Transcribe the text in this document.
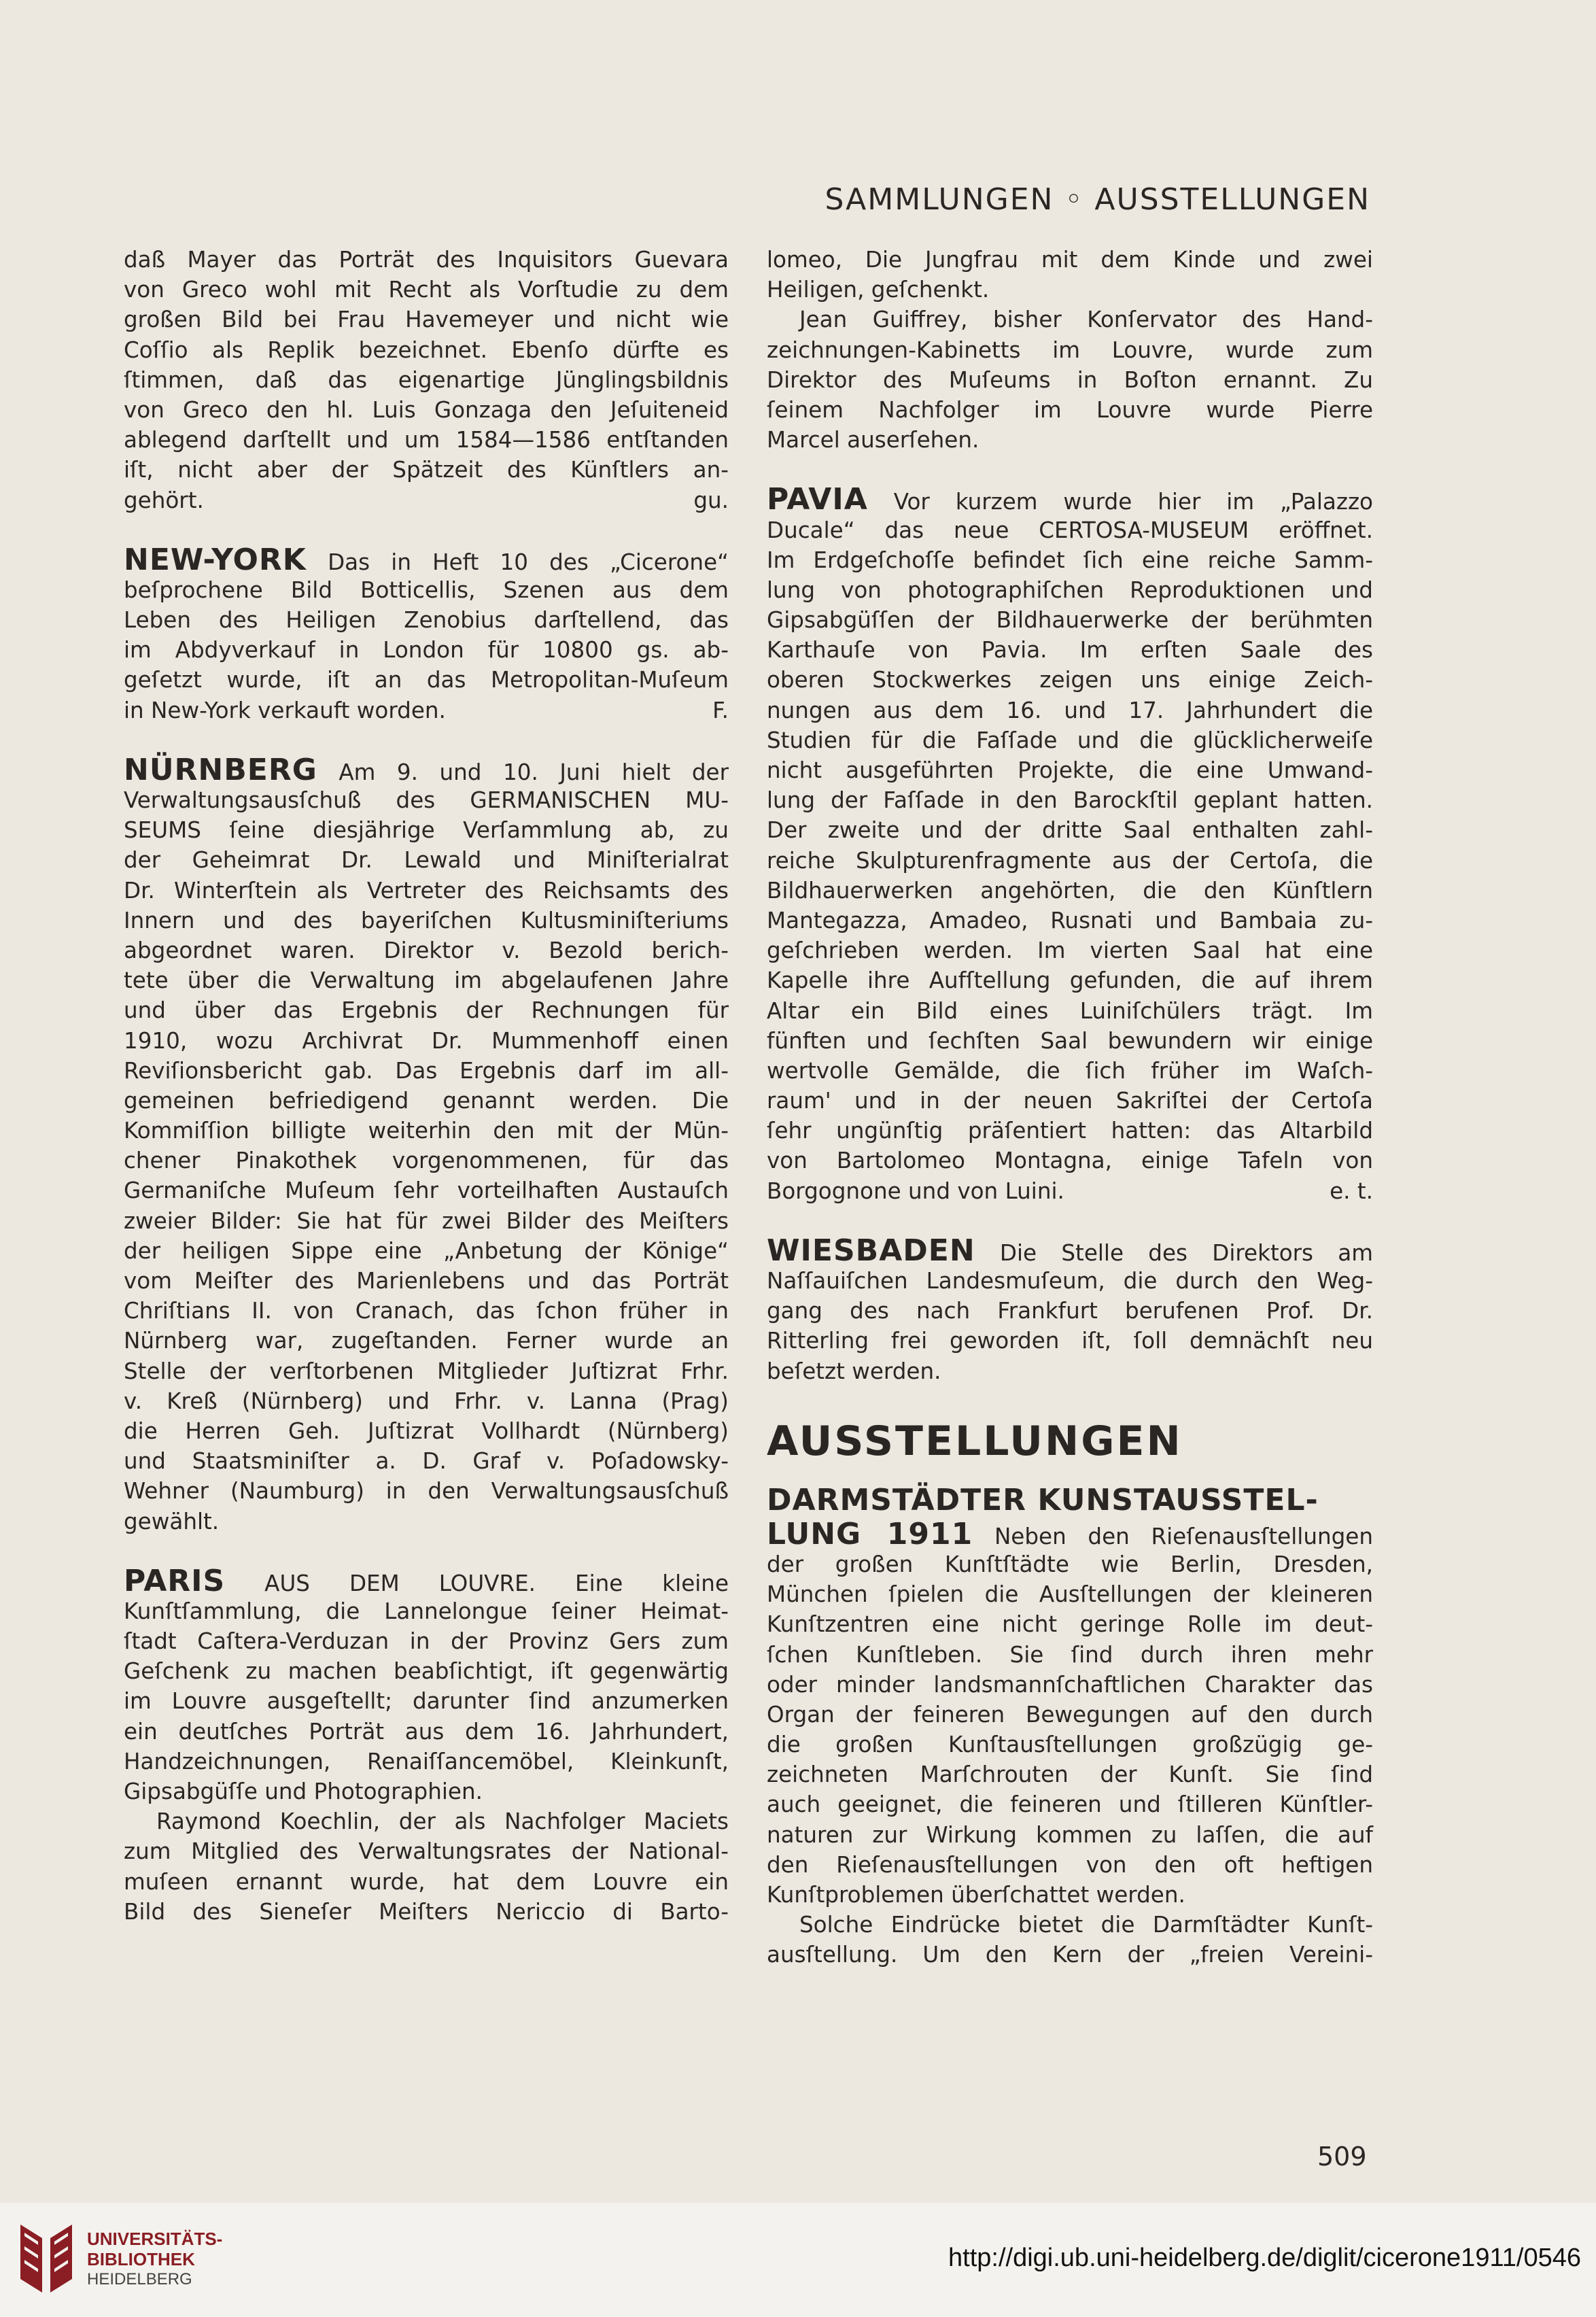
SAMMLUNGEN ◦ AUSSTELLUNGEN
daß Mayer das Porträt des Inquisitors Guevara
von Greco wohl mit Recht als Vorſtudie zu dem
großen Bild bei Frau Havemeyer und nicht wie
Coſſio als Replik bezeichnet. Ebenſo dürfte es
ſtimmen, daß das eigenartige Jünglingsbildnis
von Greco den hl. Luis Gonzaga den Jeſuiteneid
ablegend darſtellt und um 1584—1586 entſtanden
iſt, nicht aber der Spätzeit des Künſtlers an-
gehört.	gu.
NEW-YORK Das in Heft 10 des „Cicerone“
beſprochene Bild Botticellis, Szenen aus dem
Leben des Heiligen Zenobius darſtellend, das
im Abdyverkauf in London für 10800 gs. ab-
geſetzt wurde, iſt an das Metropolitan-Muſeum
in New-York verkauft worden.	F.
NÜRNBERG Am 9. und 10. Juni hielt der
Verwaltungsausſchuß des GERMANISCHEN MU-
SEUMS ſeine diesjährige Verſammlung ab, zu
der Geheimrat Dr. Lewald und Miniſterialrat
Dr. Winterſtein als Vertreter des Reichsamts des
Innern und des bayeriſchen Kultusminiſteriums
abgeordnet waren. Direktor v. Bezold berich-
tete über die Verwaltung im abgelaufenen Jahre
und über das Ergebnis der Rechnungen für
1910, wozu Archivrat Dr. Mummenhoff einen
Reviſionsbericht gab. Das Ergebnis darf im all-
gemeinen befriedigend genannt werden. Die
Kommiſſion billigte weiterhin den mit der Mün-
chener Pinakothek vorgenommenen, für das
Germaniſche Muſeum ſehr vorteilhaften Austauſch
zweier Bilder: Sie hat für zwei Bilder des Meiſters
der heiligen Sippe eine „Anbetung der Könige“
vom Meiſter des Marienlebens und das Porträt
Chriſtians II. von Cranach, das ſchon früher in
Nürnberg war, zugeſtanden. Ferner wurde an
Stelle der verſtorbenen Mitglieder Juſtizrat Frhr.
v. Kreß (Nürnberg) und Frhr. v. Lanna (Prag)
die Herren Geh. Juſtizrat Vollhardt (Nürnberg)
und Staatsminiſter a. D. Graf v. Poſadowsky-
Wehner (Naumburg) in den Verwaltungsausſchuß
gewählt.
PARIS AUS DEM LOUVRE. Eine kleine
Kunſtſammlung, die Lannelongue ſeiner Heimat-
ſtadt Caſtera-Verduzan in der Provinz Gers zum
Geſchenk zu machen beabſichtigt, iſt gegenwärtig
im Louvre ausgeſtellt; darunter ſind anzumerken
ein deutſches Porträt aus dem 16. Jahrhundert,
Handzeichnungen, Renaiſſancemöbel, Kleinkunſt,
Gipsabgüſſe und Photographien.
Raymond Koechlin, der als Nachfolger Maciets
zum Mitglied des Verwaltungsrates der National-
muſeen ernannt wurde, hat dem Louvre ein
Bild des Sieneſer Meiſters Nericcio di Barto-
lomeo, Die Jungfrau mit dem Kinde und zwei
Heiligen, geſchenkt.
Jean Guiffrey, bisher Konſervator des Hand-
zeichnungen-Kabinetts im Louvre, wurde zum
Direktor des Muſeums in Boſton ernannt. Zu
ſeinem Nachfolger im Louvre wurde Pierre
Marcel auserſehen.
PAVIA Vor kurzem wurde hier im „Palazzo
Ducale“ das neue CERTOSA-MUSEUM eröffnet.
Im Erdgeſchoſſe befindet ſich eine reiche Samm-
lung von photographiſchen Reproduktionen und
Gipsabgüſſen der Bildhauerwerke der berühmten
Karthauſe von Pavia. Im erſten Saale des
oberen Stockwerkes zeigen uns einige Zeich-
nungen aus dem 16. und 17. Jahrhundert die
Studien für die Faſſade und die glücklicherweiſe
nicht ausgeführten Projekte, die eine Umwand-
lung der Faſſade in den Barockſtil geplant hatten.
Der zweite und der dritte Saal enthalten zahl-
reiche Skulpturenfragmente aus der Certoſa, die
Bildhauerwerken angehörten, die den Künſtlern
Mantegazza, Amadeo, Rusnati und Bambaia zu-
geſchrieben werden. Im vierten Saal hat eine
Kapelle ihre Aufſtellung gefunden, die auf ihrem
Altar ein Bild eines Luiniſchülers trägt. Im
fünften und ſechſten Saal bewundern wir einige
wertvolle Gemälde, die ſich früher im Waſch-
raum' und in der neuen Sakriſtei der Certoſa
ſehr ungünſtig präſentiert hatten: das Altarbild
von Bartolomeo Montagna, einige Tafeln von
Borgognone und von Luini.	e. t.
WIESBADEN Die Stelle des Direktors am
Naſſauiſchen Landesmuſeum, die durch den Weg-
gang des nach Frankfurt berufenen Prof. Dr.
Ritterling frei geworden iſt, ſoll demnächſt neu
beſetzt werden.
AUSSTELLUNGEN
DARMSTÄDTER KUNSTAUSSTEL-
LUNG 1911 Neben den Rieſenausſtellungen
der großen Kunſtſtädte wie Berlin, Dresden,
München ſpielen die Ausſtellungen der kleineren
Kunſtzentren eine nicht geringe Rolle im deut-
ſchen Kunſtleben. Sie ſind durch ihren mehr
oder minder landsmannſchaftlichen Charakter das
Organ der feineren Bewegungen auf den durch
die großen Kunſtausſtellungen großzügig ge-
zeichneten Marſchrouten der Kunſt. Sie ſind
auch geeignet, die feineren und ſtilleren Künſtler-
naturen zur Wirkung kommen zu laſſen, die auf
den Rieſenausſtellungen von den oft heftigen
Kunſtproblemen überſchattet werden.
Solche Eindrücke bietet die Darmſtädter Kunſt-
ausſtellung. Um den Kern der „freien Vereini-
509
UNIVERSITÄTS-
BIBLIOTHEK
HEIDELBERG
http://digi.ub.uni-heidelberg.de/diglit/cicerone1911/0546
